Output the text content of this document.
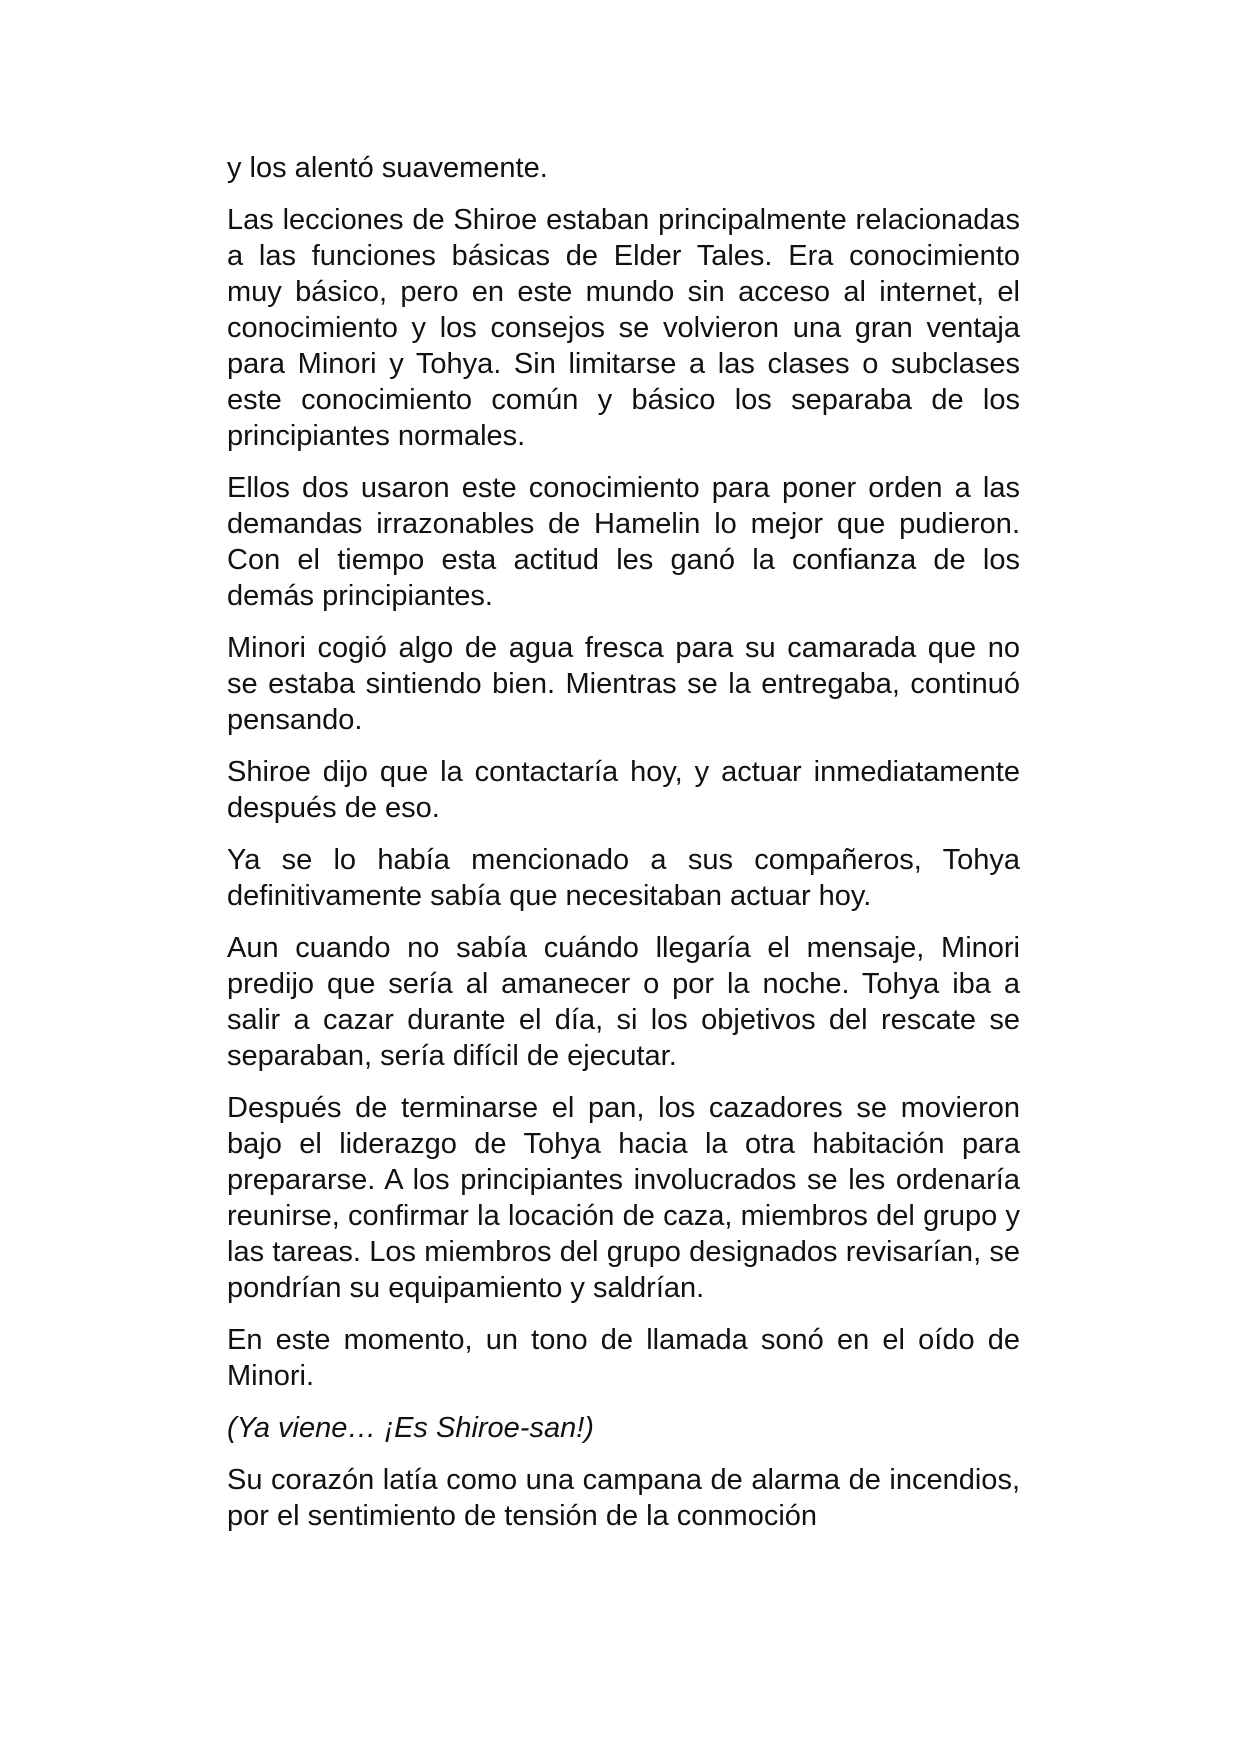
y los alentó suavemente.

Las lecciones de Shiroe estaban principalmente relacionadas a las funciones básicas de Elder Tales. Era conocimiento muy básico, pero en este mundo sin acceso al internet, el conocimiento y los consejos se volvieron una gran ventaja para Minori y Tohya. Sin limitarse a las clases o subclases este conocimiento común y básico los separaba de los principiantes normales.

Ellos dos usaron este conocimiento para poner orden a las demandas irrazonables de Hamelin lo mejor que pudieron. Con el tiempo esta actitud les ganó la confianza de los demás principiantes.

Minori cogió algo de agua fresca para su camarada que no se estaba sintiendo bien. Mientras se la entregaba, continuó pensando.

Shiroe dijo que la contactaría hoy, y actuar inmediatamente después de eso.

Ya se lo había mencionado a sus compañeros, Tohya definitivamente sabía que necesitaban actuar hoy.

Aun cuando no sabía cuándo llegaría el mensaje, Minori predijo que sería al amanecer o por la noche. Tohya iba a salir a cazar durante el día, si los objetivos del rescate se separaban, sería difícil de ejecutar.

Después de terminarse el pan, los cazadores se movieron bajo el liderazgo de Tohya hacia la otra habitación para prepararse. A los principiantes involucrados se les ordenaría reunirse, confirmar la locación de caza, miembros del grupo y las tareas. Los miembros del grupo designados revisarían, se pondrían su equipamiento y saldrían.

En este momento, un tono de llamada sonó en el oído de Minori.

(Ya viene… ¡Es Shiroe-san!)

Su corazón latía como una campana de alarma de incendios, por el sentimiento de tensión de la conmoción
